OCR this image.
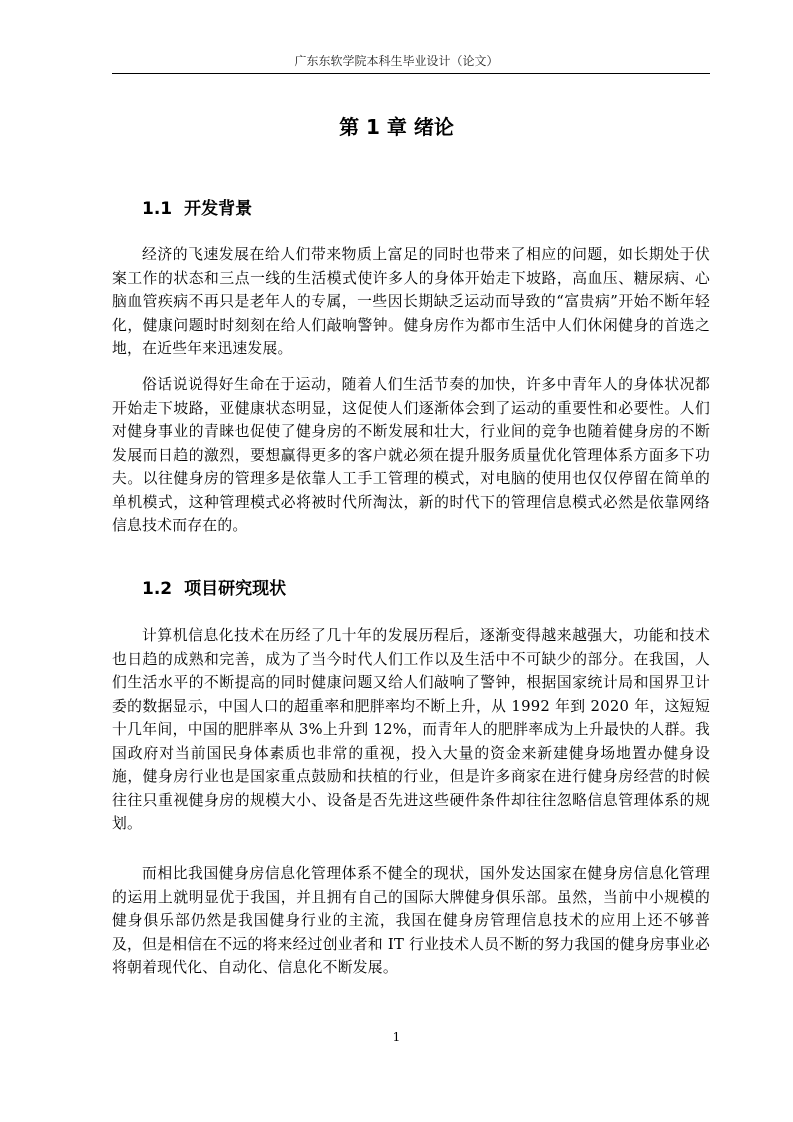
广东东软学院本科生毕业设计（论文）
第 1 章 绪论
1.1 开发背景
经济的飞速发展在给人们带来物质上富足的同时也带来了相应的问题，如长期处于伏案工作的状态和三点一线的生活模式使许多人的身体开始走下坡路，高血压、糖尿病、心脑血管疾病不再只是老年人的专属，一些因长期缺乏运动而导致的“富贵病”开始不断年轻化，健康问题时时刻刻在给人们敲响警钟。健身房作为都市生活中人们休闲健身的首选之地，在近些年来迅速发展。
俗话说说得好生命在于运动，随着人们生活节奏的加快，许多中青年人的身体状况都开始走下坡路，亚健康状态明显，这促使人们逐渐体会到了运动的重要性和必要性。人们对健身事业的青睐也促使了健身房的不断发展和壮大，行业间的竞争也随着健身房的不断发展而日趋的激烈，要想赢得更多的客户就必须在提升服务质量优化管理体系方面多下功夫。以往健身房的管理多是依靠人工手工管理的模式，对电脑的使用也仅仅停留在简单的单机模式，这种管理模式必将被时代所淘汰，新的时代下的管理信息模式必然是依靠网络信息技术而存在的。
1.2 项目研究现状
计算机信息化技术在历经了几十年的发展历程后，逐渐变得越来越强大，功能和技术也日趋的成熟和完善，成为了当今时代人们工作以及生活中不可缺少的部分。在我国，人们生活水平的不断提高的同时健康问题又给人们敲响了警钟，根据国家统计局和国界卫计委的数据显示，中国人口的超重率和肥胖率均不断上升，从 1992 年到 2020 年，这短短十几年间，中国的肥胖率从 3%上升到 12%，而青年人的肥胖率成为上升最快的人群。我国政府对当前国民身体素质也非常的重视，投入大量的资金来新建健身场地置办健身设施，健身房行业也是国家重点鼓励和扶植的行业，但是许多商家在进行健身房经营的时候往往只重视健身房的规模大小、设备是否先进这些硬件条件却往往忽略信息管理体系的规划。
而相比我国健身房信息化管理体系不健全的现状，国外发达国家在健身房信息化管理的运用上就明显优于我国，并且拥有自己的国际大牌健身俱乐部。虽然，当前中小规模的健身俱乐部仍然是我国健身行业的主流，我国在健身房管理信息技术的应用上还不够普及，但是相信在不远的将来经过创业者和 IT 行业技术人员不断的努力我国的健身房事业必将朝着现代化、自动化、信息化不断发展。
1
